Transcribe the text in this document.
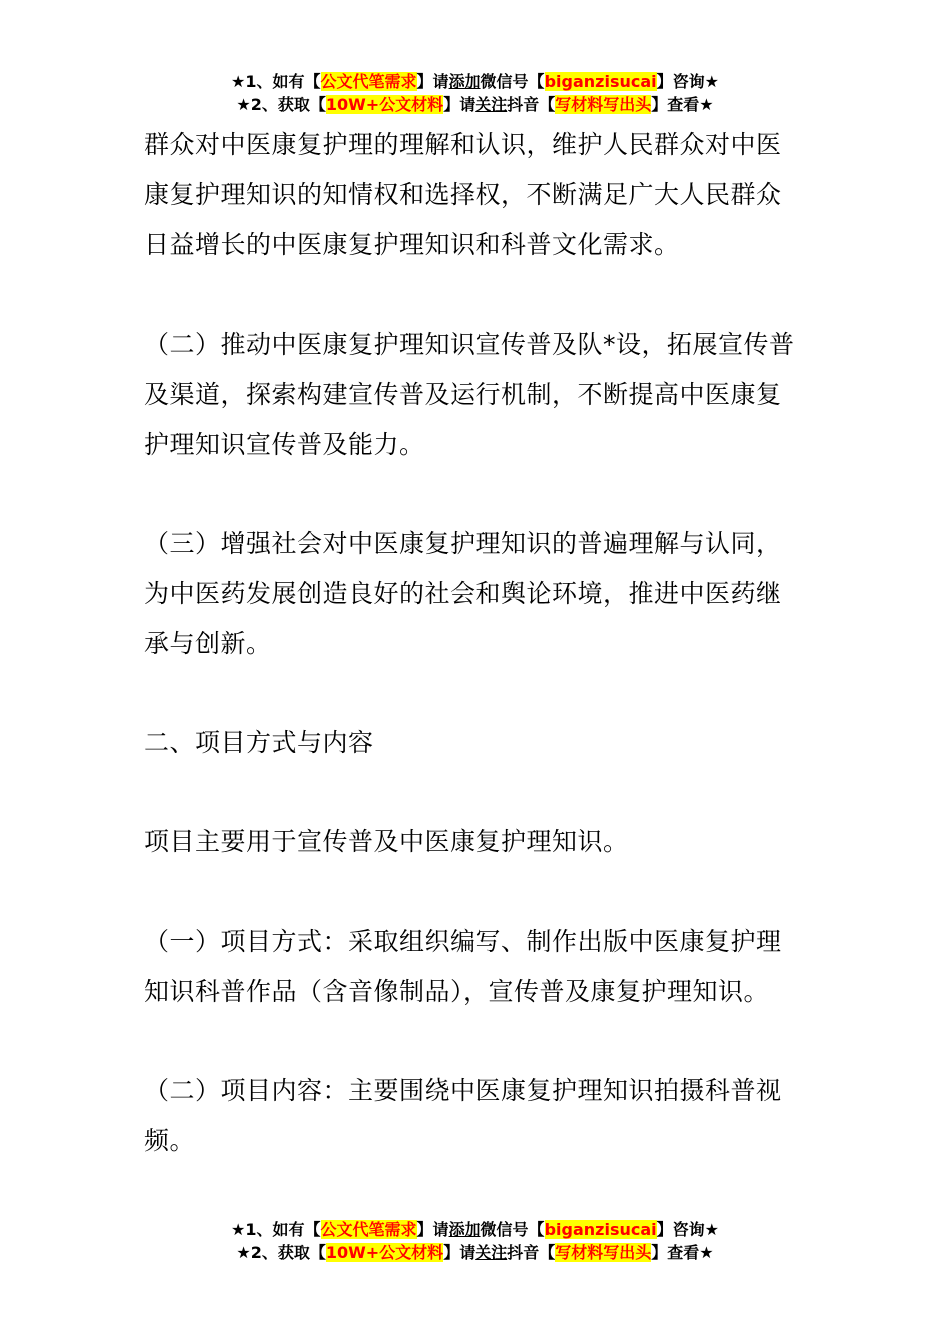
★1、如有【公文代笔需求】请添加微信号【biganzisucai】咨询★
★2、获取【10W+公文材料】请关注抖音【写材料写出头】查看★
群众对中医康复护理的理解和认识，维护人民群众对中医
康复护理知识的知情权和选择权，不断满足广大人民群众
日益增长的中医康复护理知识和科普文化需求。
（二）推动中医康复护理知识宣传普及队*设，拓展宣传普
及渠道，探索构建宣传普及运行机制，不断提高中医康复
护理知识宣传普及能力。
（三）增强社会对中医康复护理知识的普遍理解与认同，
为中医药发展创造良好的社会和舆论环境，推进中医药继
承与创新。
二、项目方式与内容
项目主要用于宣传普及中医康复护理知识。
（一）项目方式：采取组织编写、制作出版中医康复护理
知识科普作品（含音像制品），宣传普及康复护理知识。
（二）项目内容：主要围绕中医康复护理知识拍摄科普视
频。
★1、如有【公文代笔需求】请添加微信号【biganzisucai】咨询★
★2、获取【10W+公文材料】请关注抖音【写材料写出头】查看★
